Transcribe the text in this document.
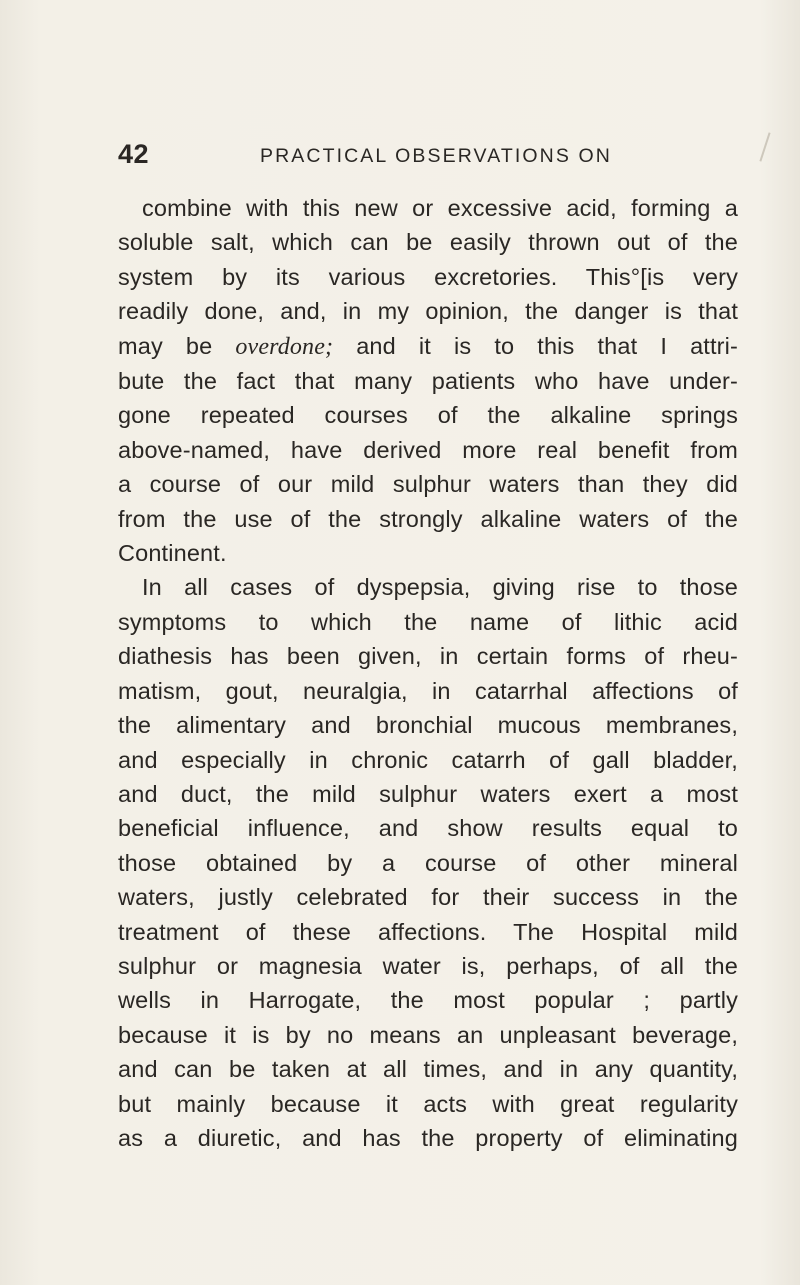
42	PRACTICAL OBSERVATIONS ON
combine with this new or excessive acid, forming a
soluble salt, which can be easily thrown out of the
system by its various excretories. This°[is very
readily done, and, in my opinion, the danger is that
may be overdone; and it is to this that I attri-
bute the fact that many patients who have under-
gone repeated courses of the alkaline springs
above-named, have derived more real benefit from
a course of our mild sulphur waters than they did
from the use of the strongly alkaline waters of the
Continent.
In all cases of dyspepsia, giving rise to those
symptoms to which the name of lithic acid
diathesis has been given, in certain forms of rheu-
matism, gout, neuralgia, in catarrhal affections of
the alimentary and bronchial mucous membranes,
and especially in chronic catarrh of gall bladder,
and duct, the mild sulphur waters exert a most
beneficial influence, and show results equal to
those obtained by a course of other mineral
waters, justly celebrated for their success in the
treatment of these affections. The Hospital mild
sulphur or magnesia water is, perhaps, of all the
wells in Harrogate, the most popular ; partly
because it is by no means an unpleasant beverage,
and can be taken at all times, and in any quantity,
but mainly because it acts with great regularity
as a diuretic, and has the property of eliminating
